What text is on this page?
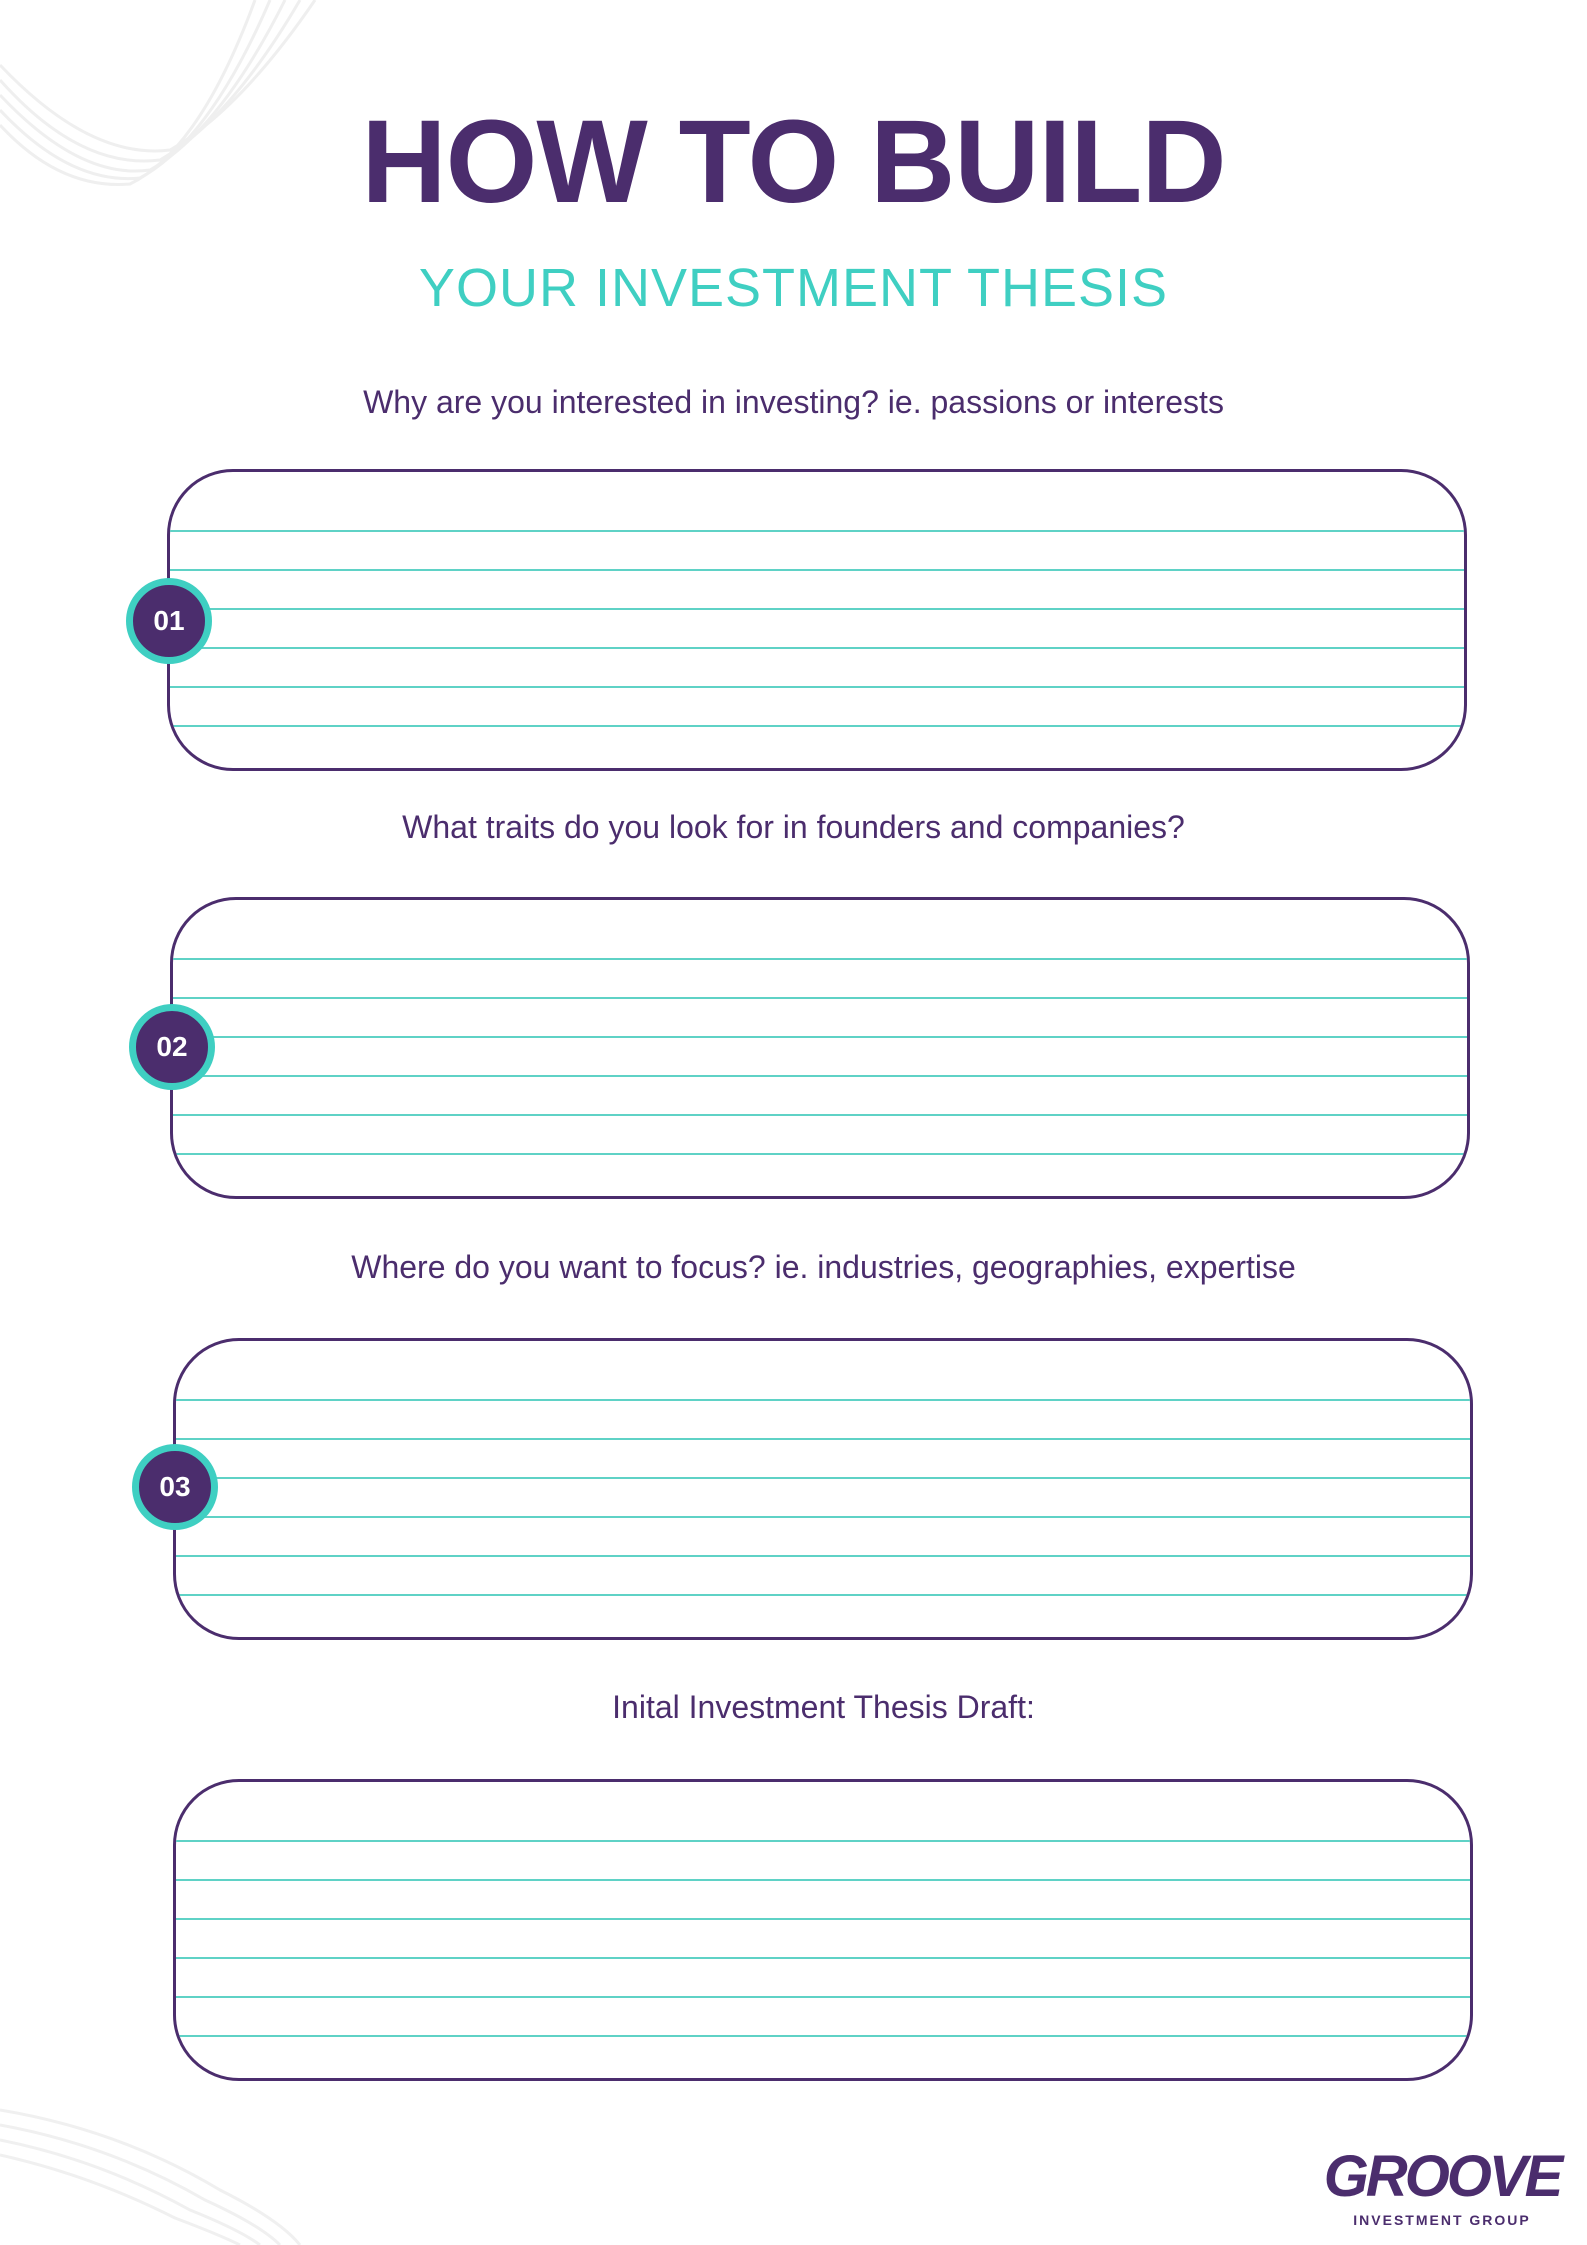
HOW TO BUILD
YOUR INVESTMENT THESIS
Why are you interested in investing? ie. passions or interests
01
What traits do you look for in founders and companies?
02
Where do you want to focus? ie. industries, geographies, expertise
03
Inital Investment Thesis Draft:
GROOVE
INVESTMENT GROUP
